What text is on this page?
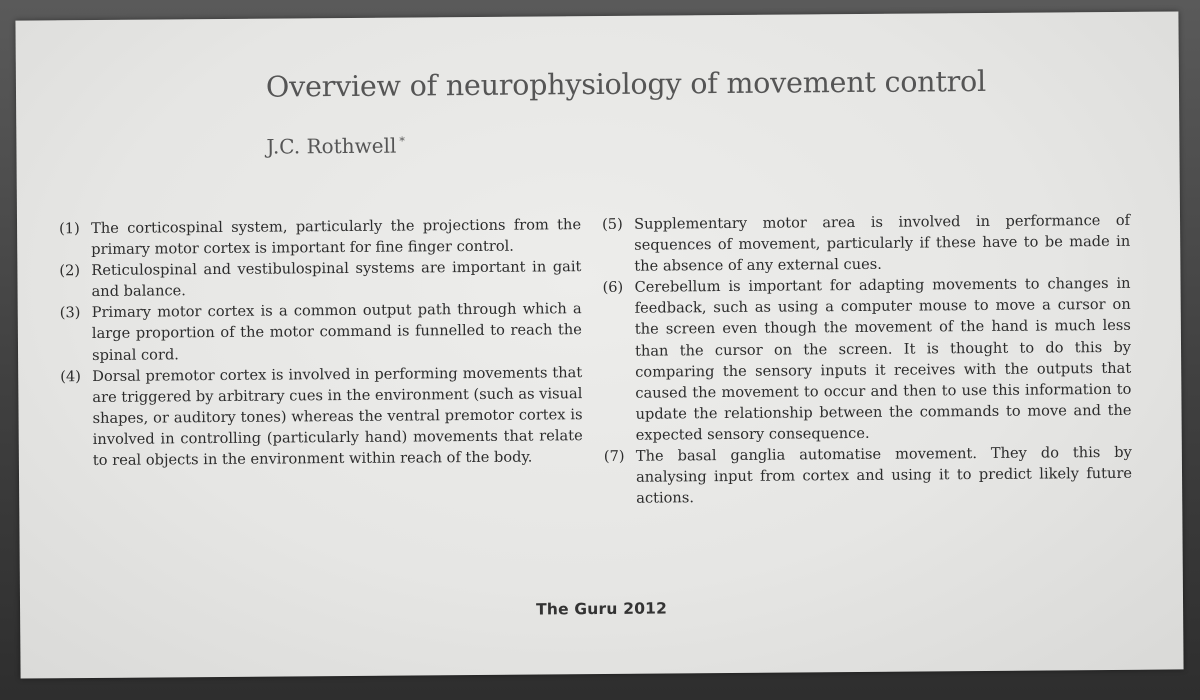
Overview of neurophysiology of movement control
J.C. Rothwell *
(1) The corticospinal system, particularly the projections from the primary motor cortex is important for fine finger control.
(2) Reticulospinal and vestibulospinal systems are important in gait and balance.
(3) Primary motor cortex is a common output path through which a large proportion of the motor command is funnelled to reach the spinal cord.
(4) Dorsal premotor cortex is involved in performing movements that are triggered by arbitrary cues in the environment (such as visual shapes, or auditory tones) whereas the ventral premotor cortex is involved in controlling (particularly hand) movements that relate to real objects in the environment within reach of the body.
(5) Supplementary motor area is involved in performance of sequences of movement, particularly if these have to be made in the absence of any external cues.
(6) Cerebellum is important for adapting movements to changes in feedback, such as using a computer mouse to move a cursor on the screen even though the movement of the hand is much less than the cursor on the screen. It is thought to do this by comparing the sensory inputs it receives with the outputs that caused the movement to occur and then to use this information to update the relationship between the commands to move and the expected sensory consequence.
(7) The basal ganglia automatise movement. They do this by analysing input from cortex and using it to predict likely future actions.
The Guru 2012
